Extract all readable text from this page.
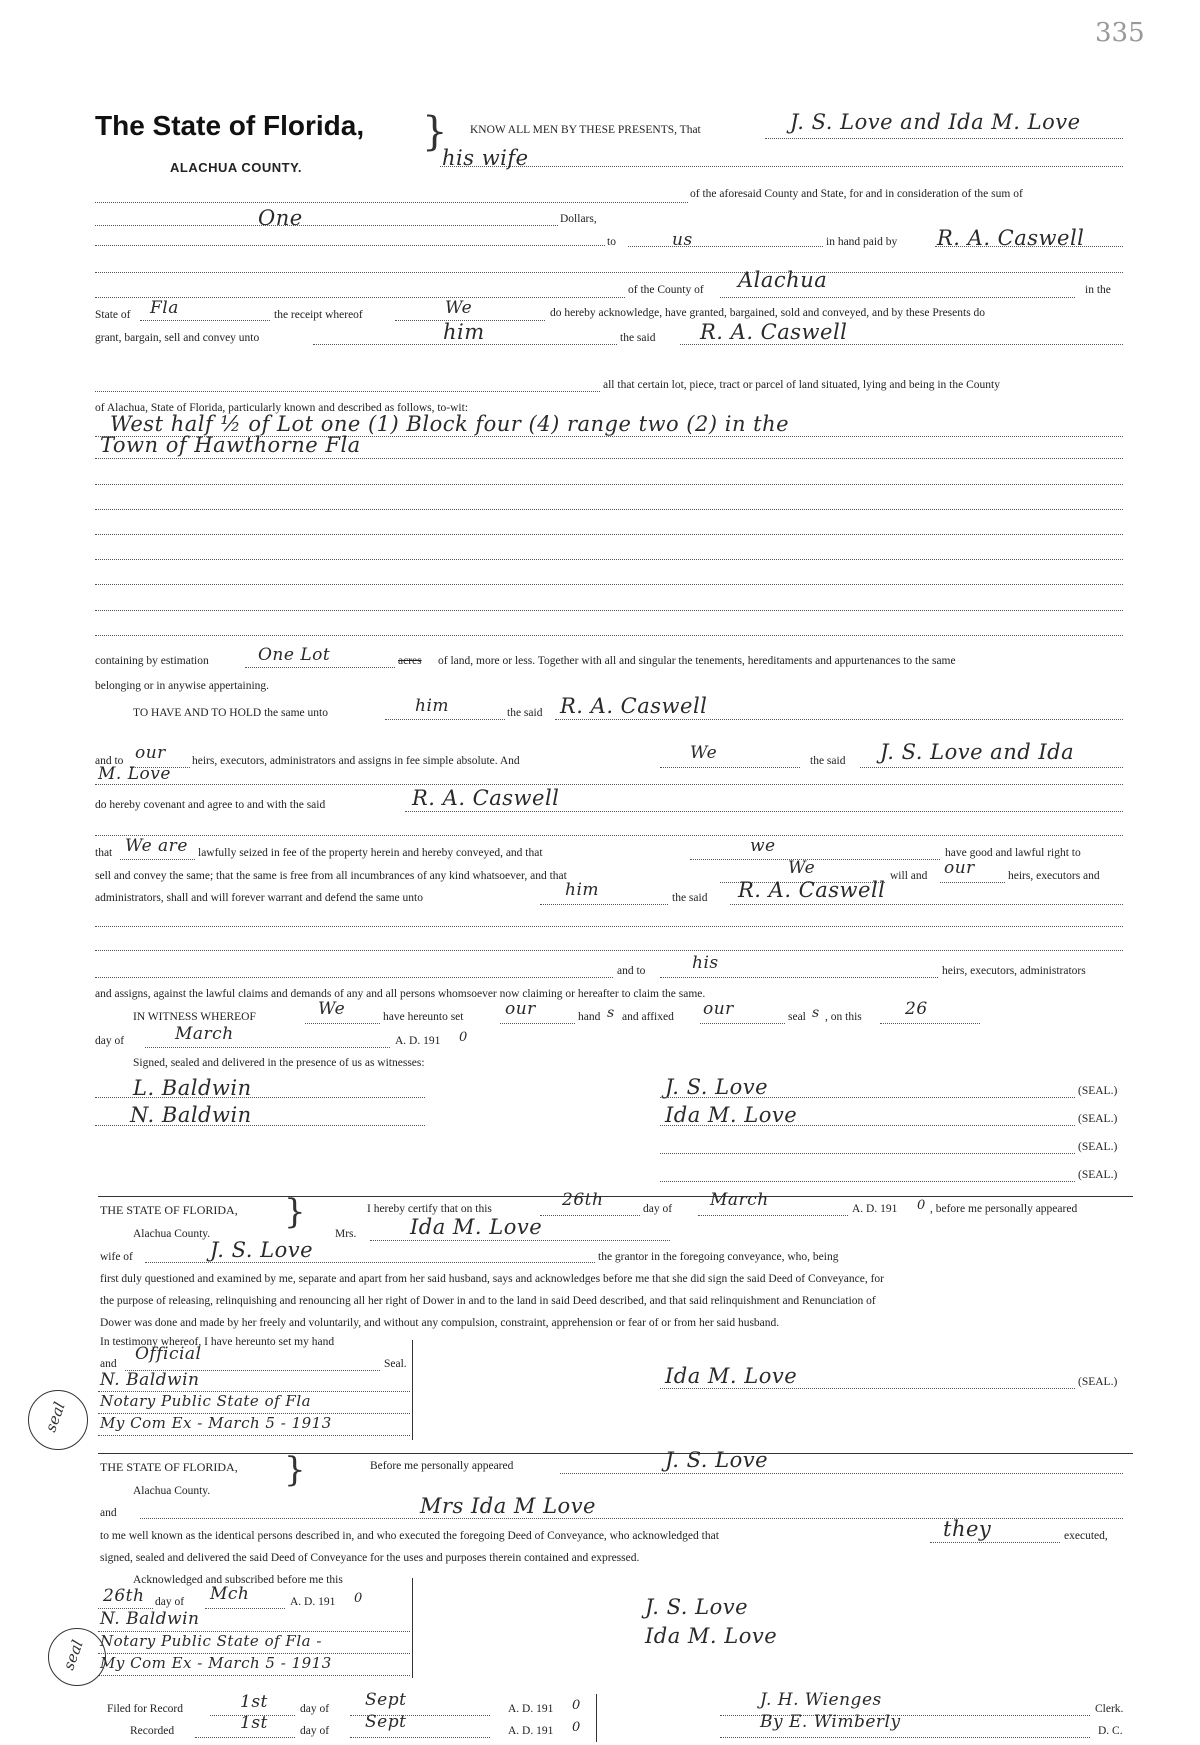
335
The State of Florida,
ALACHUA COUNTY.
} KNOW ALL MEN BY THESE PRESENTS, That	J. S. Love and Ida M. Love
his wife
of the aforesaid County and State, for and in consideration of the sum of
One	Dollars,
to	us	in hand paid by R. A. Caswell
of the County of Alachua	in the
State of Fla	the receipt whereof	We	do hereby acknowledge, have granted, bargained, sold and conveyed, and by these Presents do
grant, bargain, sell and convey unto	him	the said R. A. Caswell
all that certain lot, piece, tract or parcel of land situated, lying and being in the County
of Alachua, State of Florida, particularly known and described as follows, to-wit:
West half ½ of Lot one (1) Block four (4) range two (2) in the
Town of Hawthorne Fla
containing by estimation	One Lot	acres of land, more or less. Together with all and singular the tenements, hereditaments and appurtenances to the same
belonging or in anywise appertaining.
TO HAVE AND TO HOLD the same unto	him	the said R. A. Caswell
and to our heirs, executors, administrators and assigns in fee simple absolute. And	We	the said J. S. Love and Ida
M. Love
do hereby covenant and agree to and with the said	R. A. Caswell
that We are lawfully seized in fee of the property herein and hereby conveyed, and that	we	have good and lawful right to
sell and convey the same; that the same is free from all incumbrances of any kind whatsoever, and that	We	will and our	heirs, executors and
administrators, shall and will forever warrant and defend the same unto	him	the said R. A. Caswell
and to	his	heirs, executors, administrators
and assigns, against the lawful claims and demands of any and all persons whomsoever now claiming or hereafter to claim the same.
IN WITNESS WHEREOF	We	have hereunto set our	hand s and affixed our	seal s , on this	26
day of	March	A. D. 191 0
Signed, sealed and delivered in the presence of us as witnesses:
L. Baldwin
N. Baldwin
J. S. Love	(SEAL.)
Ida M. Love	(SEAL.)
(SEAL.)
(SEAL.)
THE STATE OF FLORIDA, }
Alachua County.
I hereby certify that on this	26th	day of March	A. D. 191 0 , before me personally appeared
Mrs.	Ida M. Love
wife of	J. S. Love	the grantor in the foregoing conveyance, who, being
first duly questioned and examined by me, separate and apart from her said husband, says and acknowledges before me that she did sign the said Deed of Conveyance, for
the purpose of releasing, relinquishing and renouncing all her right of Dower in and to the land in said Deed described, and that said relinquishment and Renunciation of
Dower was done and made by her freely and voluntarily, and without any compulsion, constraint, apprehension or fear of or from her said husband.
In testimony whereof, I have hereunto set my hand
and Official	Seal.
N. Baldwin
Notary Public State of Fla
My Com Ex - March 5 - 1913
seal
Ida M. Love	(SEAL.)
THE STATE OF FLORIDA, }
Alachua County.
Before me personally appeared	J. S. Love
and	Mrs Ida M Love
to me well known as the identical persons described in, and who executed the foregoing Deed of Conveyance, who acknowledged that	they	executed,
signed, sealed and delivered the said Deed of Conveyance for the uses and purposes therein contained and expressed.
Acknowledged and subscribed before me this
26th day of Mch	A. D. 191 0
N. Baldwin
Notary Public State of Fla -
My Com Ex - March 5 - 1913
seal
J. S. Love
Ida M. Love
Filed for Record	1st	day of Sept	A. D. 191 0
Recorded	1st	day of Sept	A. D. 191 0
J. H. Wienges	Clerk.
By E. Wimberly	D. C.
